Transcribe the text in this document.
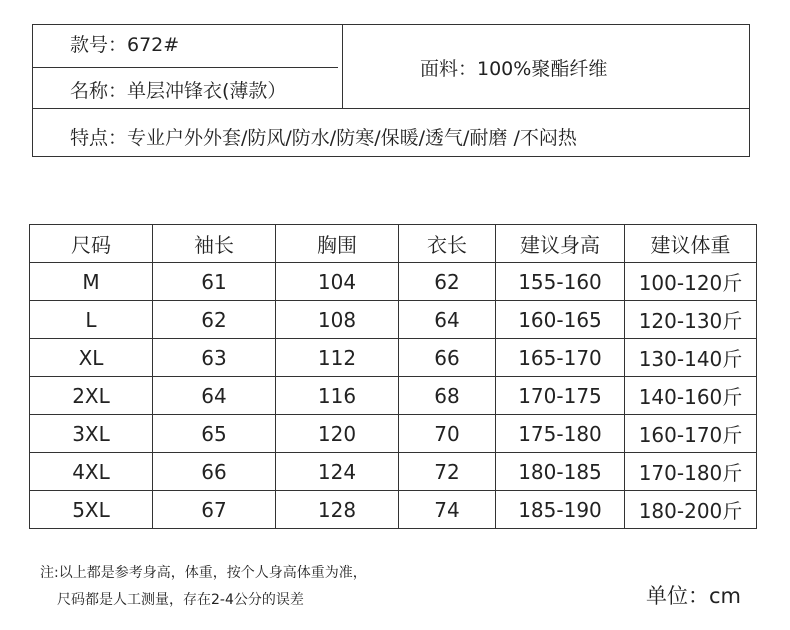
款号：672#
名称：单层冲锋衣(薄款）
面料：100%聚酯纤维
特点：专业户外外套/防风/防水/防寒/保暖/透气/耐磨 /不闷热
尺码	袖长	胸围	衣长	建议身高	建议体重
M	61	104	62	155-160	100-120斤
L	62	108	64	160-165	120-130斤
XL	63	112	66	165-170	130-140斤
2XL	64	116	68	170-175	140-160斤
3XL	65	120	70	175-180	160-170斤
4XL	66	124	72	180-185	170-180斤
5XL	67	128	74	185-190	180-200斤
注:以上都是参考身高，体重，按个人身高体重为准，
尺码都是人工测量，存在2-4公分的误差	单位：cm
